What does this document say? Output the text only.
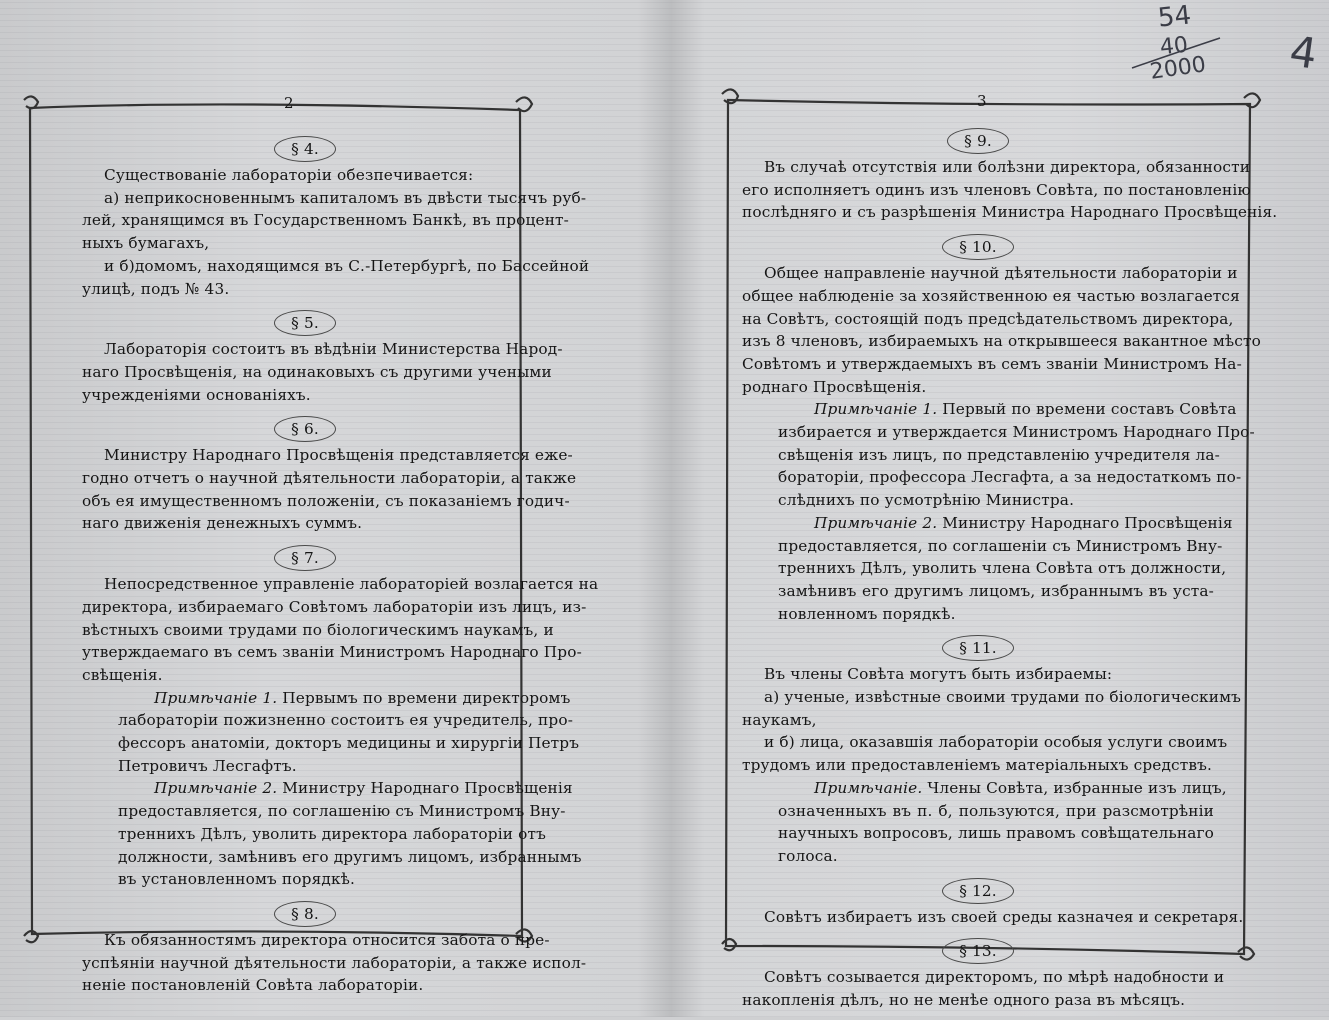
2
§ 4.
Существованіе лабораторіи обезпечивается:
а) неприкосновеннымъ капиталомъ въ двѣсти тысячъ руб-
лей, хранящимся въ Государственномъ Банкѣ, въ процент-
ныхъ бумагахъ,
и б)домомъ, находящимся въ С.-Петербургѣ, по Бассейной
улицѣ, подъ № 43.
§ 5.
Лабораторія состоитъ въ вѣдѣніи Министерства Народ-
наго Просвѣщенія, на одинаковыхъ съ другими учеными
учрежденіями основаніяхъ.
§ 6.
Министру Народнаго Просвѣщенія представляется еже-
годно отчетъ о научной дѣятельности лабораторіи, а также
объ ея имущественномъ положеніи, съ показаніемъ годич-
наго движенія денежныхъ суммъ.
§ 7.
Непосредственное управленіе лабораторіей возлагается на
директора, избираемаго Совѣтомъ лабораторіи изъ лицъ, из-
вѣстныхъ своими трудами по біологическимъ наукамъ, и
утверждаемаго въ семъ званіи Министромъ Народнаго Про-
свѣщенія.
Примѣчаніе 1. Первымъ по времени директоромъ
лабораторіи пожизненно состоитъ ея учредитель, про-
фессоръ анатоміи, докторъ медицины и хирургіи Петръ
Петровичъ Лесгафтъ.
Примѣчаніе 2. Министру Народнаго Просвѣщенія
предоставляется, по соглашенію съ Министромъ Вну-
треннихъ Дѣлъ, уволить директора лабораторіи отъ
должности, замѣнивъ его другимъ лицомъ, избраннымъ
въ установленномъ порядкѣ.
§ 8.
Къ обязанностямъ директора относится забота о пре-
успѣяніи научной дѣятельности лабораторіи, а также испол-
неніе постановленій Совѣта лабораторіи.
3
§ 9.
Въ случаѣ отсутствія или болѣзни директора, обязанности
его исполняетъ одинъ изъ членовъ Совѣта, по постановленію
послѣдняго и съ разрѣшенія Министра Народнаго Просвѣщенія.
§ 10.
Общее направленіе научной дѣятельности лабораторіи и
общее наблюденіе за хозяйственною ея частью возлагается
на Совѣтъ, состоящій подъ предсѣдательствомъ директора,
изъ 8 членовъ, избираемыхъ на открывшееся вакантное мѣсто
Совѣтомъ и утверждаемыхъ въ семъ званіи Министромъ На-
роднаго Просвѣщенія.
Примѣчаніе 1. Первый по времени составъ Совѣта
избирается и утверждается Министромъ Народнаго Про-
свѣщенія изъ лицъ, по представленію учредителя ла-
бораторіи, профессора Лесгафта, а за недостаткомъ по-
слѣднихъ по усмотрѣнію Министра.
Примѣчаніе 2. Министру Народнаго Просвѣщенія
предоставляется, по соглашеніи съ Министромъ Вну-
треннихъ Дѣлъ, уволить члена Совѣта отъ должности,
замѣнивъ его другимъ лицомъ, избраннымъ въ уста-
новленномъ порядкѣ.
§ 11.
Въ члены Совѣта могутъ быть избираемы:
а) ученые, извѣстные своими трудами по біологическимъ
наукамъ,
и б) лица, оказавшія лабораторіи особыя услуги своимъ
трудомъ или предоставленіемъ матеріальныхъ средствъ.
Примѣчаніе. Члены Совѣта, избранные изъ лицъ,
означенныхъ въ п. б, пользуются, при разсмотрѣніи
научныхъ вопросовъ, лишь правомъ совѣщательнаго
голоса.
§ 12.
Совѣтъ избираетъ изъ своей среды казначея и секретаря.
§ 13.
Совѣтъ созывается директоромъ, по мѣрѣ надобности и
накопленія дѣлъ, но не менѣе одного раза въ мѣсяцъ.
54
40
2000 4
